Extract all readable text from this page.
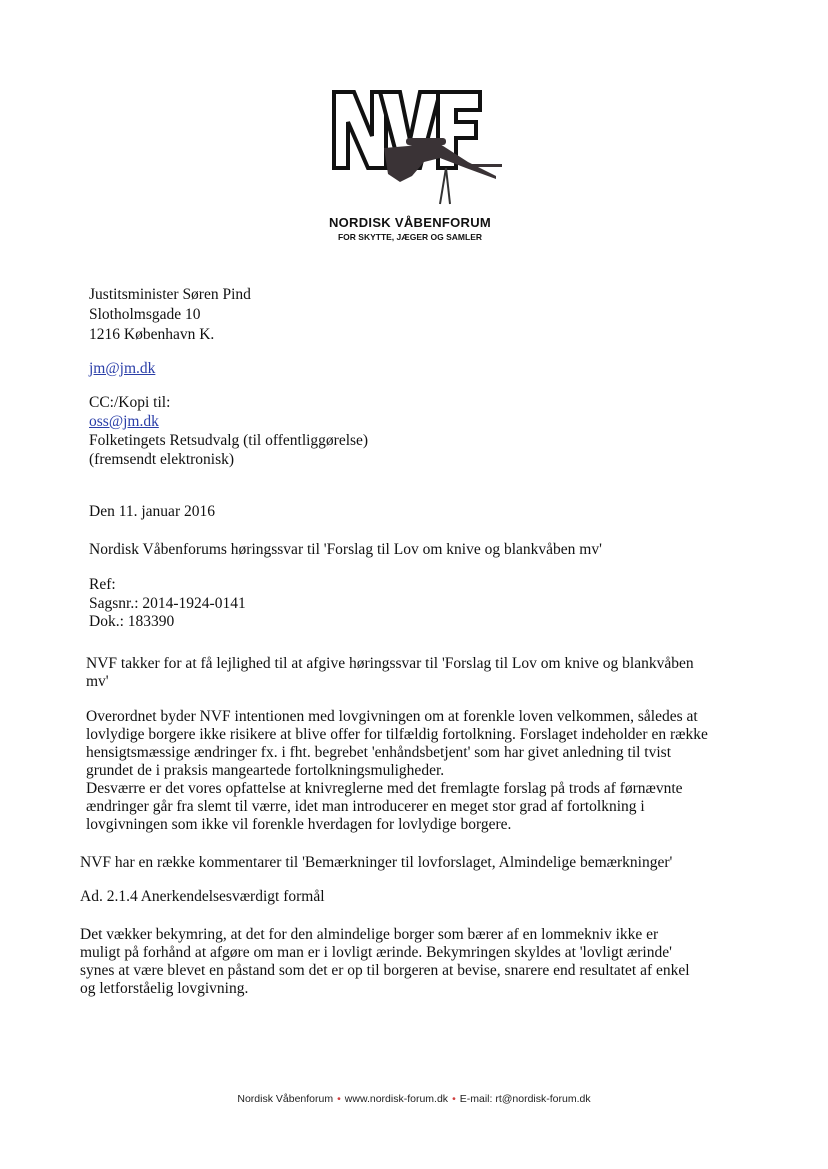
NORDISK VÅBENFORUM
FOR SKYTTE, JÆGER OG SAMLER
Justitsminister Søren Pind
Slotholmsgade 10
1216 København K.
jm@jm.dk
CC:/Kopi til:
oss@jm.dk
Folketingets Retsudvalg (til offentliggørelse)
(fremsendt elektronisk)
Den 11. januar 2016
Nordisk Våbenforums høringssvar til 'Forslag til Lov om knive og blankvåben mv'
Ref:
Sagsnr.: 2014-1924-0141
Dok.: 183390
NVF takker for at få lejlighed til at afgive høringssvar til 'Forslag til Lov om knive og blankvåben
mv'
Overordnet byder NVF intentionen med lovgivningen om at forenkle loven velkommen, således at
lovlydige borgere ikke risikere at blive offer for tilfældig fortolkning. Forslaget indeholder en række
hensigtsmæssige ændringer fx. i fht. begrebet 'enhåndsbetjent' som har givet anledning til tvist
grundet de i praksis mangeartede fortolkningsmuligheder.
Desværre er det vores opfattelse at knivreglerne med det fremlagte forslag på trods af førnævnte
ændringer går fra slemt til værre, idet man introducerer en meget stor grad af fortolkning i
lovgivningen som ikke vil forenkle hverdagen for lovlydige borgere.
NVF har en række kommentarer til 'Bemærkninger til lovforslaget, Almindelige bemærkninger'
Ad. 2.1.4 Anerkendelsesværdigt formål
Det vækker bekymring, at det for den almindelige borger som bærer af en lommekniv ikke er
muligt på forhånd at afgøre om man er i lovligt ærinde. Bekymringen skyldes at 'lovligt ærinde'
synes at være blevet en påstand som det er op til borgeren at bevise, snarere end resultatet af enkel
og letforståelig lovgivning.
Nordisk Våbenforum • www.nordisk-forum.dk • E-mail: rt@nordisk-forum.dk
